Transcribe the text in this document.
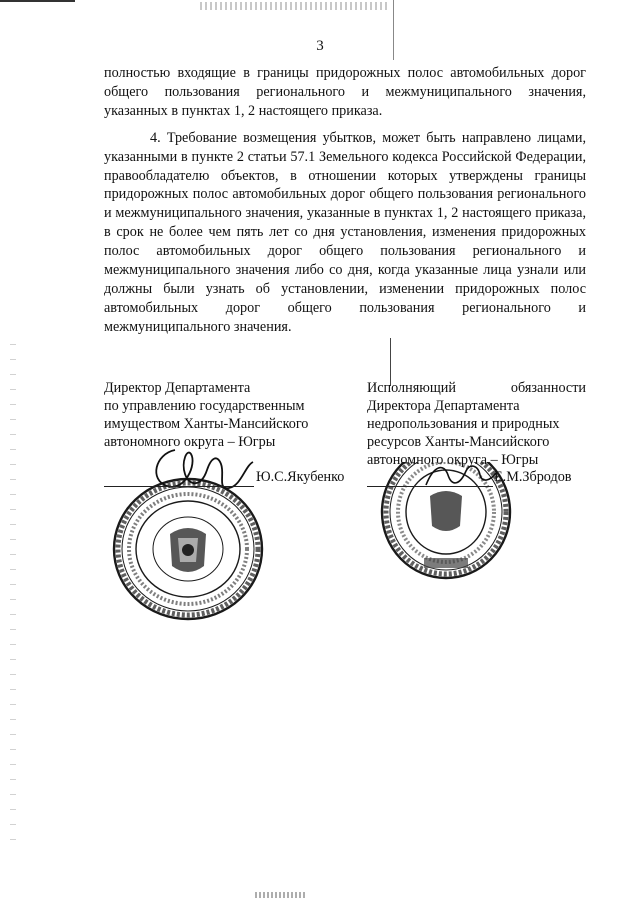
3

полностью входящие в границы придорожных полос автомобильных дорог общего пользования регионального и межмуниципального значения, указанных в пунктах 1, 2 настоящего приказа.

4. Требование возмещения убытков, может быть направлено лицами, указанными в пункте 2 статьи 57.1 Земельного кодекса Российской Федерации, правообладателю объектов, в отношении которых утверждены границы придорожных полос автомобильных дорог общего пользования регионального и межмуниципального значения, указанные в пунктах 1, 2 настоящего приказа, в срок не более чем пять лет со дня установления, изменения придорожных полос автомобильных дорог общего пользования регионального и межмуниципального значения либо со дня, когда указанные лица узнали или должны были узнать об установлении, изменении придорожных полос автомобильных дорог общего пользования регионального и межмуниципального значения.

Директор Департамента
по управлению государственным
имуществом Ханты-Мансийского
автономного округа – Югры
Ю.С.Якубенко
Исполняющий	обязанности
Директора Департамента
недропользования и природных
ресурсов Ханты-Мансийского
автономного округа – Югры
Е.М.Збродов
